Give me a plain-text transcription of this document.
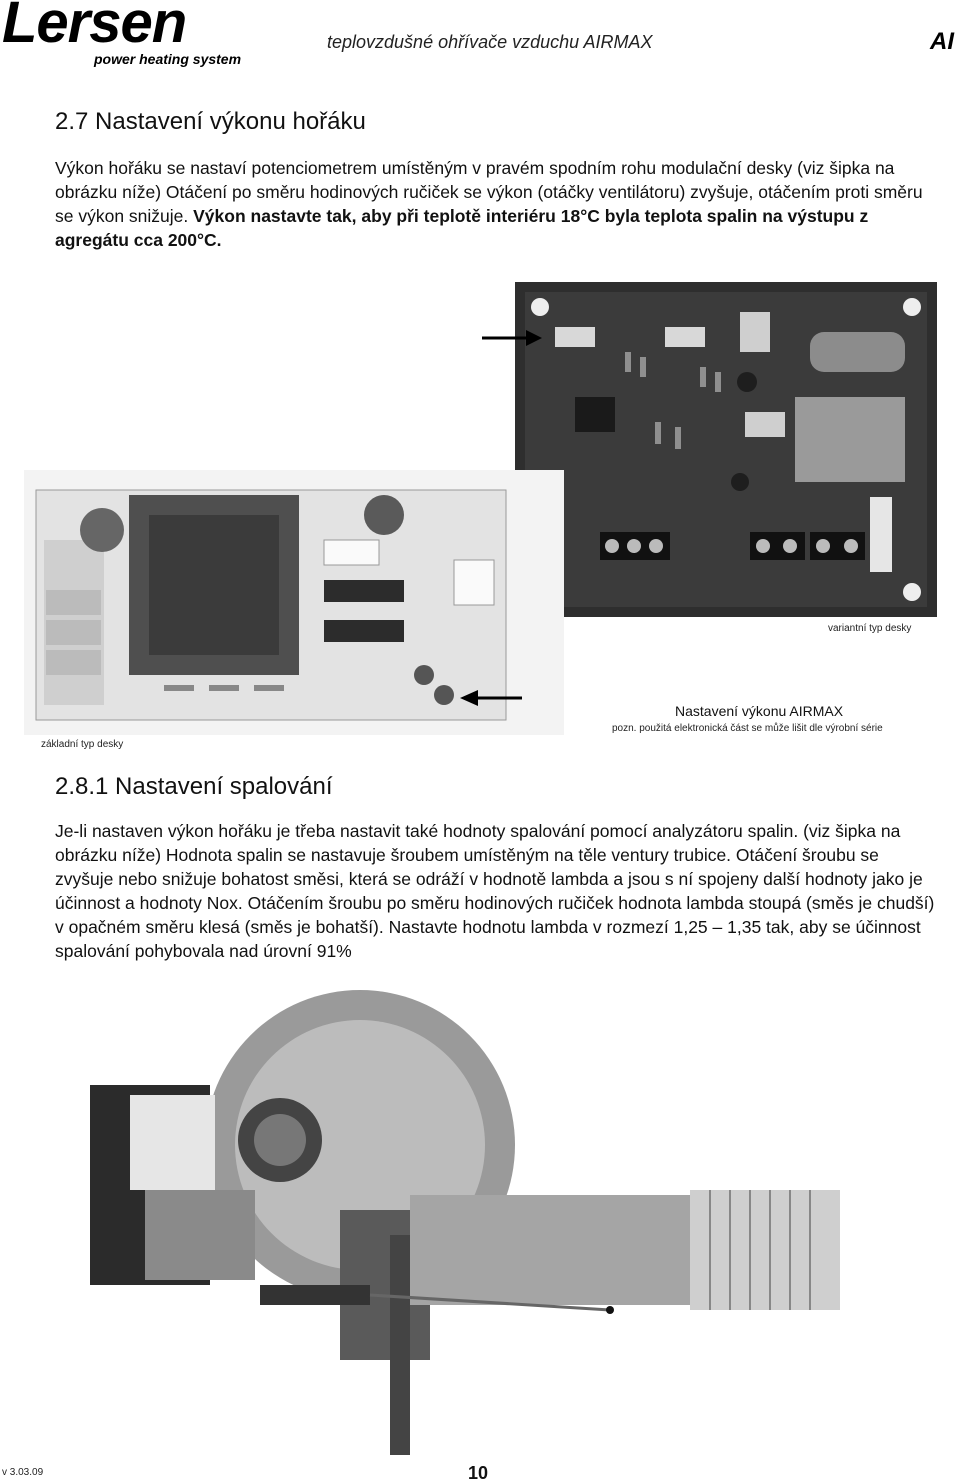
Lersen
power heating system
teplovzdušné ohřívače vzduchu AIRMAX	AI
2.7 Nastavení výkonu hořáku

Výkon hořáku se nastaví potenciometrem umístěným v pravém spodním rohu modulační desky (viz šipka na obrázku níže) Otáčení po směru hodinových ručiček se výkon (otáčky ventilátoru) zvyšuje, otáčením proti směru se výkon snižuje. Výkon nastavte tak, aby při teplotě interiéru 18°C byla teplota spalin na výstupu z agregátu cca 200°C.

variantní typ desky
základní typ desky
Nastavení výkonu AIRMAX
pozn. použitá elektronická část se může lišit dle výrobní série
2.8.1 Nastavení spalování

Je-li nastaven výkon hořáku je třeba nastavit také hodnoty spalování pomocí analyzátoru spalin. (viz šipka na obrázku níže) Hodnota spalin se nastavuje šroubem umístěným na těle ventury trubice. Otáčení šroubu se zvyšuje nebo snižuje bohatost směsi, která se odráží v hodnotě lambda a jsou s ní spojeny další hodnoty jako je účinnost a hodnoty Nox. Otáčením šroubu po směru hodinových ručiček hodnota lambda stoupá (směs je chudší) v opačném směru klesá (směs je bohatší). Nastavte hodnotu lambda v rozmezí 1,25 – 1,35 tak, aby se účinnost spalování pohybovala nad úrovní 91%

v 3.03.09	10
